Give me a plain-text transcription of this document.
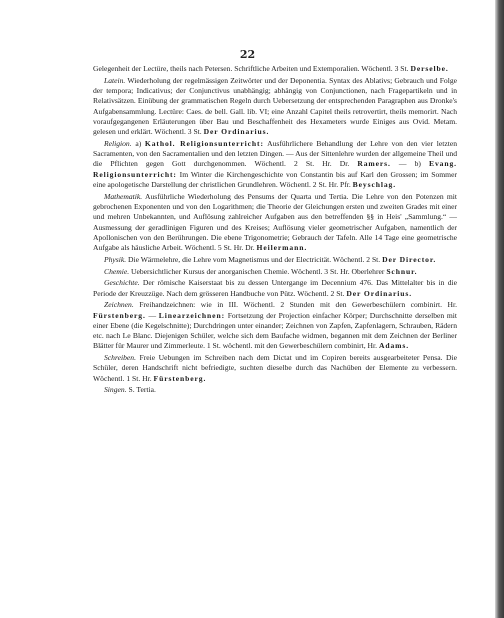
22

Gelegenheit der Lectüre, theils nach Petersen. Schriftliche Arbeiten und Extemporalien. Wöchentl. 3 St. Derselbe.

Latein. Wiederholung der regelmässigen Zeitwörter und der Deponentia. Syntax des Ablativs; Gebrauch und Folge der tempora; Indicativus; der Conjunctivus unabhängig; abhängig von Conjunctionen, nach Fragepartikeln und in Relativsätzen. Einübung der grammatischen Regeln durch Uebersetzung der entsprechenden Paragraphen aus Dronke's Aufgabensammlung. Lectüre: Caes. de bell. Gall. lib. VI; eine Anzahl Capitel theils retrovertirt, theils memorirt. Nach voraufgegangenen Erläuterungen über Bau und Beschaffenheit des Hexameters wurde Einiges aus Ovid. Metam. gelesen und erklärt. Wöchentl. 3 St. Der Ordinarius.

Religion. a) Kathol. Religionsunterricht: Ausführlichere Behandlung der Lehre von den vier letzten Sacramenten, von den Sacramentalien und den letzten Dingen. — Aus der Sittenlehre wurden der allgemeine Theil und die Pflichten gegen Gott durchgenommen. Wöchentl. 2 St. Hr. Dr. Ramers. — b) Evang. Religionsunterricht: Im Winter die Kirchengeschichte von Constantin bis auf Karl den Grossen; im Sommer eine apologetische Darstellung der christlichen Grundlehren. Wöchentl. 2 St. Hr. Pfr. Beyschlag.

Mathematik. Ausführliche Wiederholung des Pensums der Quarta und Tertia. Die Lehre von den Potenzen mit gebrochenen Exponenten und von den Logarithmen; die Theorie der Gleichungen ersten und zweiten Grades mit einer und mehren Unbekannten, und Auflösung zahlreicher Aufgaben aus den betreffenden §§ in Heis' „Sammlung.“ — Ausmessung der geradlinigen Figuren und des Kreises; Auflösung vieler geometrischer Aufgaben, namentlich der Apollonischen von den Berührungen. Die ebene Trigonometrie; Gebrauch der Tafeln. Alle 14 Tage eine geometrische Aufgabe als häusliche Arbeit. Wöchentl. 5 St. Hr. Dr. Heilermann.

Physik. Die Wärmelehre, die Lehre vom Magnetismus und der Electricität. Wöchentl. 2 St. Der Director.

Chemie. Uebersichtlicher Kursus der anorganischen Chemie. Wöchentl. 3 St. Hr. Oberlehrer Schnur.

Geschichte. Der römische Kaiserstaat bis zu dessen Untergange im Decennium 476. Das Mittelalter bis in die Periode der Kreuzzüge. Nach dem grösseren Handbuche von Pütz. Wöchentl. 2 St. Der Ordinarius.

Zeichnen. Freihandzeichnen: wie in III. Wöchentl. 2 Stunden mit den Gewerbeschülern combinirt. Hr. Fürstenberg. — Linearzeichnen: Fortsetzung der Projection einfacher Körper; Durchschnitte derselben mit einer Ebene (die Kegelschnitte); Durchdringen unter einander; Zeichnen von Zapfen, Zapfenlagern, Schrauben, Rädern etc. nach Le Blanc. Diejenigen Schüler, welche sich dem Baufache widmen, begannen mit dem Zeichnen der Berliner Blätter für Maurer und Zimmerleute. 1 St. wöchentl. mit den Gewerbeschülern combinirt, Hr. Adams.

Schreiben. Freie Uebungen im Schreiben nach dem Dictat und im Copiren bereits ausgearbeiteter Pensa. Die Schüler, deren Handschrift nicht befriedigte, suchten dieselbe durch das Nachüben der Elemente zu verbessern. Wöchentl. 1 St. Hr. Fürstenberg.

Singen. S. Tertia.
